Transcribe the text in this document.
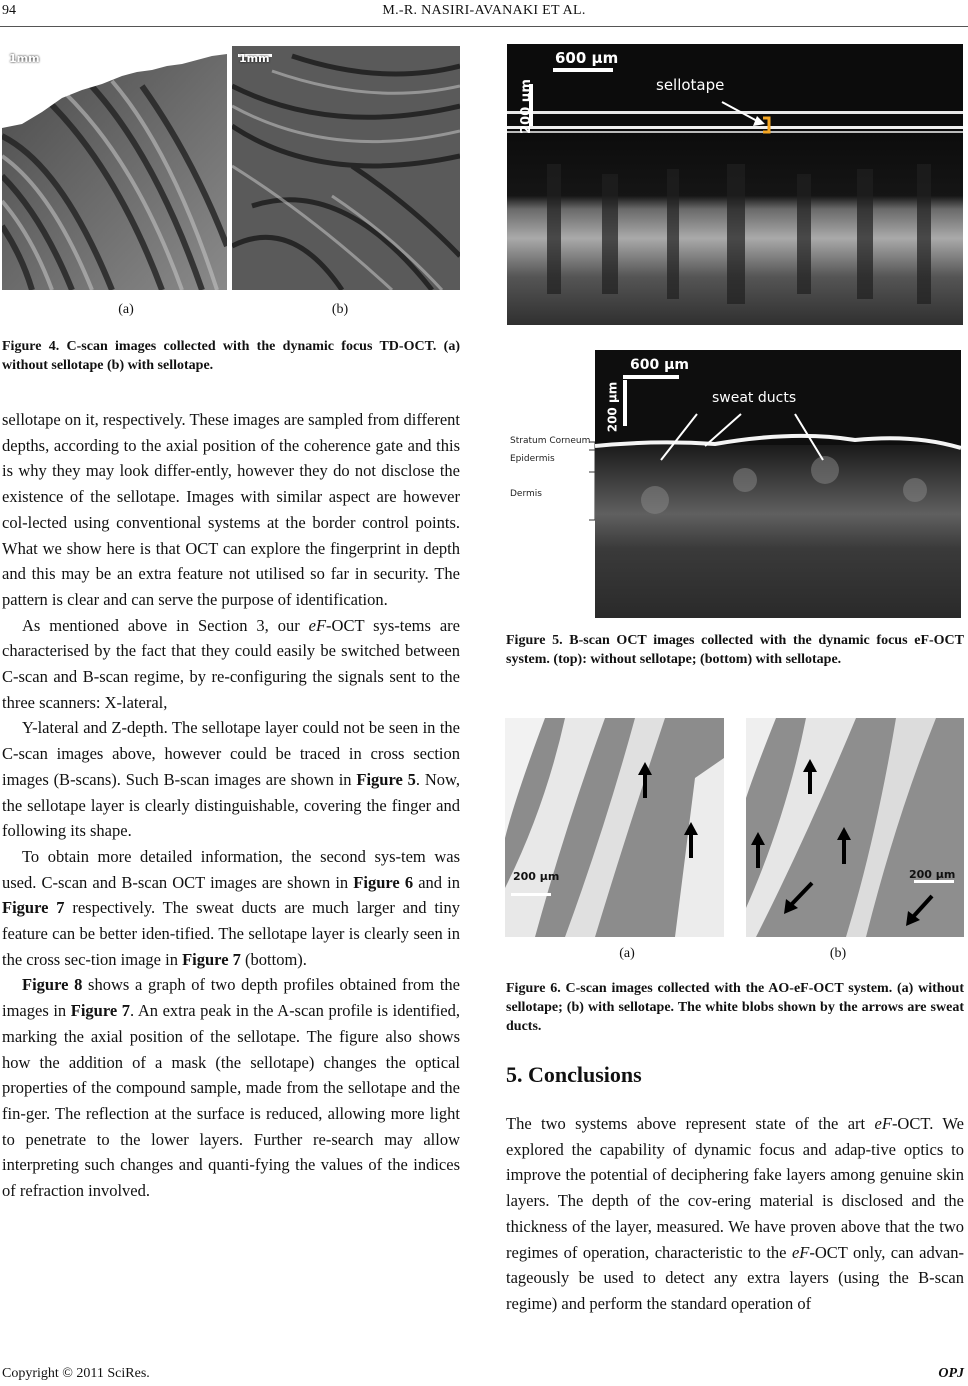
94	M.-R. NASIRI-AVANAKI ET AL.
1mm	1mm
(a)	(b)
Figure 4. C-scan images collected with the dynamic focus TD-OCT. (a) without sellotape (b) with sellotape.

sellotape on it, respectively. These images are sampled from different depths, according to the axial position of the coherence gate and this is why they may look differ-ently, however they do not disclose the existence of the sellotape. Images with similar aspect are however col-lected using conventional systems at the border control points. What we show here is that OCT can explore the fingerprint in depth and this may be an extra feature not utilised so far in security. The pattern is clear and can serve the purpose of identification.

As mentioned above in Section 3, our eF-OCT sys-tems are characterised by the fact that they could easily be switched between C-scan and B-scan regime, by re-configuring the signals sent to the three scanners: X-lateral,

Y-lateral and Z-depth. The sellotape layer could not be seen in the C-scan images above, however could be traced in cross section images (B-scans). Such B-scan images are shown in Figure 5. Now, the sellotape layer is clearly distinguishable, covering the finger and following its shape.

To obtain more detailed information, the second sys-tem was used. C-scan and B-scan OCT images are shown in Figure 6 and in Figure 7 respectively. The sweat ducts are much larger and tiny feature can be better iden-tified. The sellotape layer is clearly seen in the cross sec-tion image in Figure 7 (bottom).

Figure 8 shows a graph of two depth profiles obtained from the images in Figure 7. An extra peak in the A-scan profile is identified, marking the axial position of the sellotape. The figure also shows how the addition of a mask (the sellotape) changes the optical properties of the compound sample, made from the sellotape and the fin-ger. The reflection at the surface is reduced, allowing more light to penetrate to the lower layers. Further re-search may allow interpreting such changes and quanti-fying the values of the indices of refraction involved.

600 µm
200 µm	sellotape
Stratum Corneum
Epidermis
Dermis
600 µm
200 µm	sweat ducts
Figure 5. B-scan OCT images collected with the dynamic focus eF-OCT system. (top): without sellotape; (bottom) with sellotape.
200 µm	200 µm
(a)	(b)
Figure 6. C-scan images collected with the AO-eF-OCT system. (a) without sellotape; (b) with sellotape. The white blobs shown by the arrows are sweat ducts.
5. Conclusions

The two systems above represent state of the art eF-OCT. We explored the capability of dynamic focus and adap-tive optics to improve the potential of deciphering fake layers among genuine skin layers. The depth of the cov-ering material is disclosed and the thickness of the layer, measured. We have proven above that the two regimes of operation, characteristic to the eF-OCT only, can advan-tageously be used to detect any extra layers (using the B-scan regime) and perform the standard operation of

Copyright © 2011 SciRes.	OPJ
